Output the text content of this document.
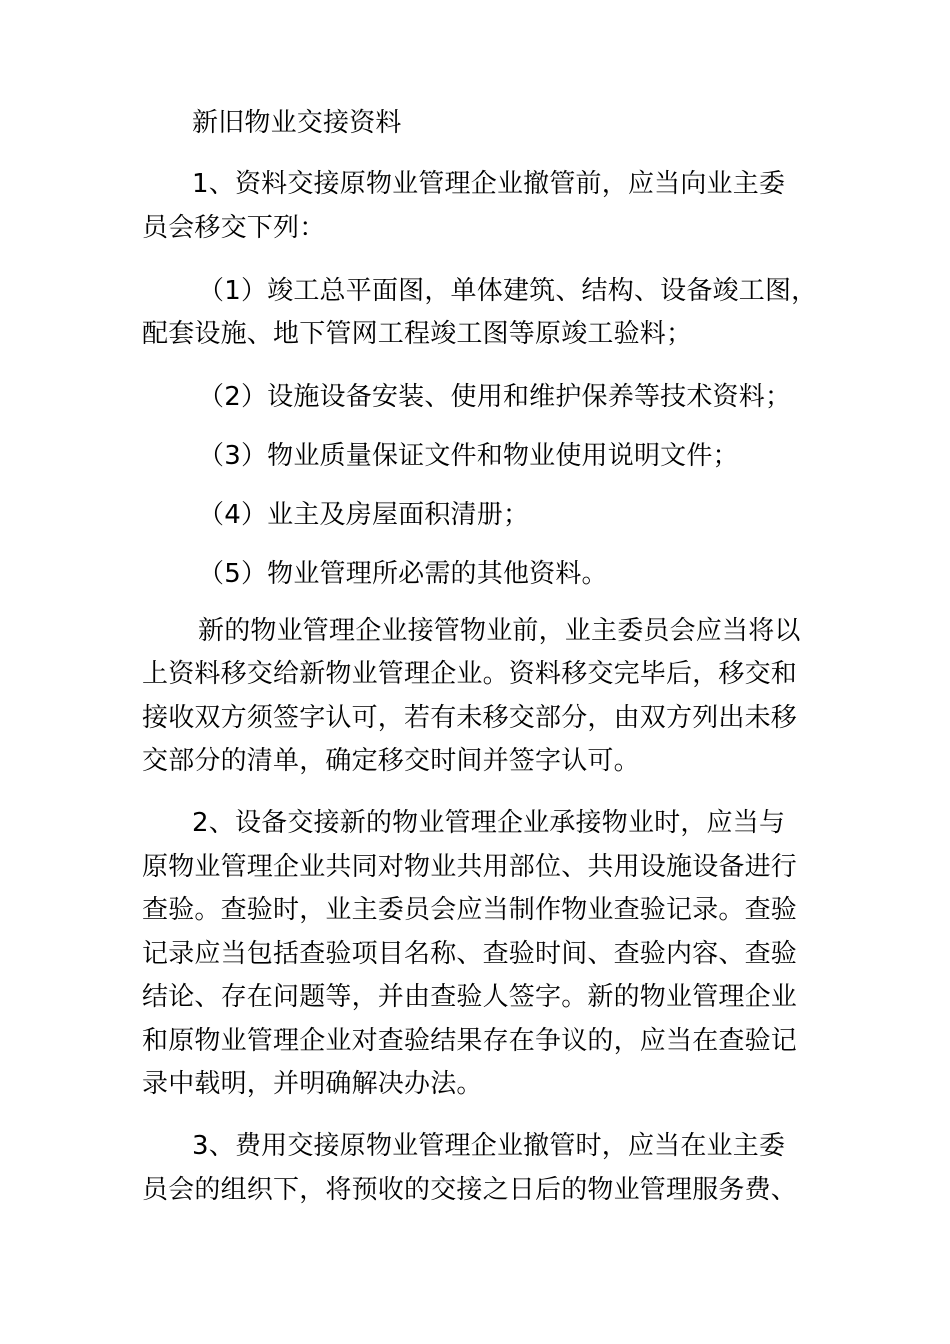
新旧物业交接资料
1、资料交接原物业管理企业撤管前，应当向业主委
员会移交下列：
（1）竣工总平面图，单体建筑、结构、设备竣工图，
配套设施、地下管网工程竣工图等原竣工验料；
（2）设施设备安装、使用和维护保养等技术资料；
（3）物业质量保证文件和物业使用说明文件；
（4）业主及房屋面积清册；
（5）物业管理所必需的其他资料。
新的物业管理企业接管物业前，业主委员会应当将以
上资料移交给新物业管理企业。资料移交完毕后，移交和
接收双方须签字认可，若有未移交部分，由双方列出未移
交部分的清单，确定移交时间并签字认可。
2、设备交接新的物业管理企业承接物业时，应当与
原物业管理企业共同对物业共用部位、共用设施设备进行
查验。查验时，业主委员会应当制作物业查验记录。查验
记录应当包括查验项目名称、查验时间、查验内容、查验
结论、存在问题等，并由查验人签字。新的物业管理企业
和原物业管理企业对查验结果存在争议的，应当在查验记
录中载明，并明确解决办法。
3、费用交接原物业管理企业撤管时，应当在业主委
员会的组织下，将预收的交接之日后的物业管理服务费、
